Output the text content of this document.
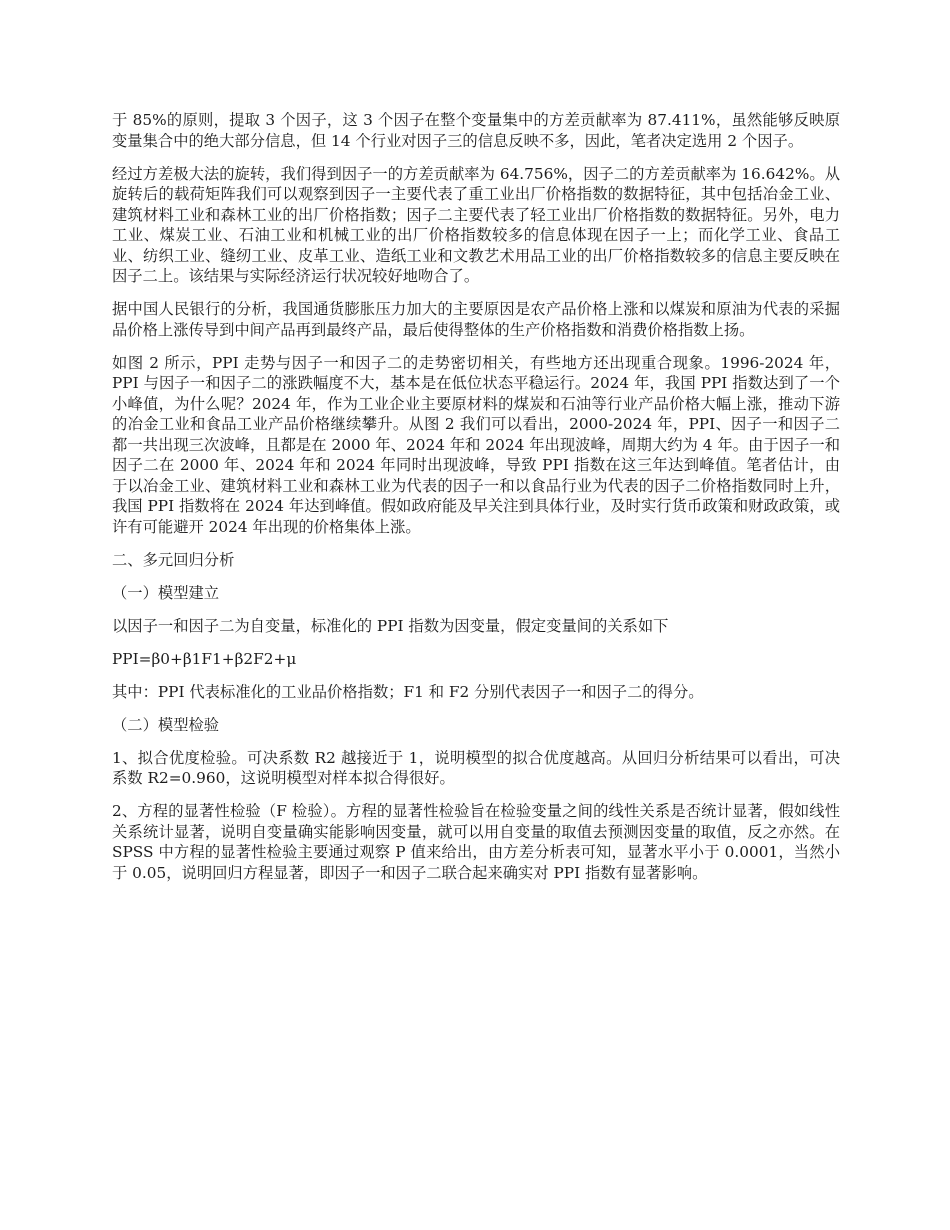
于 85%的原则，提取 3 个因子，这 3 个因子在整个变量集中的方差贡献率为 87.411%，虽然能够反映原变量集合中的绝大部分信息，但 14 个行业对因子三的信息反映不多，因此，笔者决定选用 2 个因子。

经过方差极大法的旋转，我们得到因子一的方差贡献率为 64.756%，因子二的方差贡献率为 16.642%。从旋转后的载荷矩阵我们可以观察到因子一主要代表了重工业出厂价格指数的数据特征，其中包括冶金工业、建筑材料工业和森林工业的出厂价格指数；因子二主要代表了轻工业出厂价格指数的数据特征。另外，电力工业、煤炭工业、石油工业和机械工业的出厂价格指数较多的信息体现在因子一上；而化学工业、食品工业、纺织工业、缝纫工业、皮革工业、造纸工业和文教艺术用品工业的出厂价格指数较多的信息主要反映在因子二上。该结果与实际经济运行状况较好地吻合了。

据中国人民银行的分析，我国通货膨胀压力加大的主要原因是农产品价格上涨和以煤炭和原油为代表的采掘品价格上涨传导到中间产品再到最终产品，最后使得整体的生产价格指数和消费价格指数上扬。

如图 2 所示，PPI 走势与因子一和因子二的走势密切相关，有些地方还出现重合现象。1996-2024 年，PPI 与因子一和因子二的涨跌幅度不大，基本是在低位状态平稳运行。2024 年，我国 PPI 指数达到了一个小峰值，为什么呢？2024 年，作为工业企业主要原材料的煤炭和石油等行业产品价格大幅上涨，推动下游的冶金工业和食品工业产品价格继续攀升。从图 2 我们可以看出，2000-2024 年，PPI、因子一和因子二都一共出现三次波峰，且都是在 2000 年、2024 年和 2024 年出现波峰，周期大约为 4 年。由于因子一和因子二在 2000 年、2024 年和 2024 年同时出现波峰，导致 PPI 指数在这三年达到峰值。笔者估计，由于以冶金工业、建筑材料工业和森林工业为代表的因子一和以食品行业为代表的因子二价格指数同时上升，我国 PPI 指数将在 2024 年达到峰值。假如政府能及早关注到具体行业，及时实行货币政策和财政政策，或许有可能避开 2024 年出现的价格集体上涨。

二、多元回归分析

（一）模型建立

以因子一和因子二为自变量，标准化的 PPI 指数为因变量，假定变量间的关系如下

PPI=β0+β1F1+β2F2+μ

其中：PPI 代表标准化的工业品价格指数；F1 和 F2 分别代表因子一和因子二的得分。

（二）模型检验

1、拟合优度检验。可决系数 R2 越接近于 1，说明模型的拟合优度越高。从回归分析结果可以看出，可决系数 R2=0.960，这说明模型对样本拟合得很好。

2、方程的显著性检验（F 检验）。方程的显著性检验旨在检验变量之间的线性关系是否统计显著，假如线性关系统计显著，说明自变量确实能影响因变量，就可以用自变量的取值去预测因变量的取值，反之亦然。在 SPSS 中方程的显著性检验主要通过观察 P 值来给出，由方差分析表可知，显著水平小于 0.0001，当然小于 0.05，说明回归方程显著，即因子一和因子二联合起来确实对 PPI 指数有显著影响。
